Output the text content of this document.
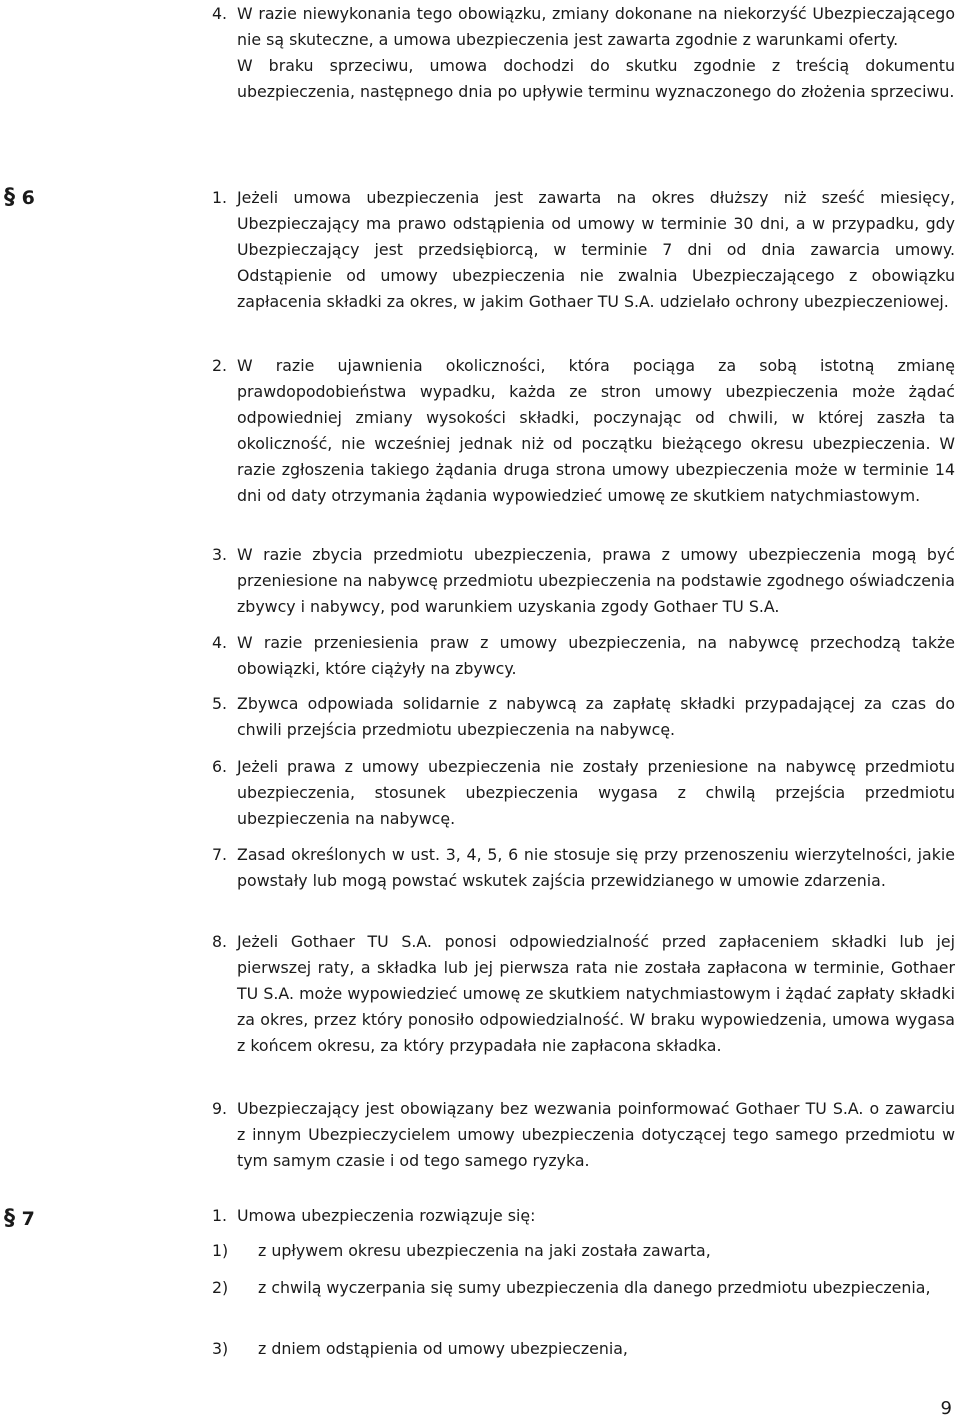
4. W razie niewykonania tego obowiązku, zmiany dokonane na niekorzyść Ubezpieczającego nie są skuteczne, a umowa ubezpieczenia jest zawarta zgodnie z warunkami oferty.

W braku sprzeciwu, umowa dochodzi do skutku zgodnie z treścią dokumentu ubezpieczenia, następnego dnia po upływie terminu wyznaczonego do złożenia sprzeciwu.

§ 6	1. Jeżeli umowa ubezpieczenia jest zawarta na okres dłuższy niż sześć miesięcy, Ubezpieczający ma prawo odstąpienia od umowy w terminie 30 dni, a w przypadku, gdy Ubezpieczający jest przedsiębiorcą, w terminie 7 dni od dnia zawarcia umowy. Odstąpienie od umowy ubezpieczenia nie zwalnia Ubezpieczającego z obowiązku zapłacenia składki za okres, w jakim Gothaer TU S.A. udzielało ochrony ubezpieczeniowej.
2. W razie ujawnienia okoliczności, która pociąga za sobą istotną zmianę prawdopodobieństwa wypadku, każda ze stron umowy ubezpieczenia może żądać odpowiedniej zmiany wysokości składki, poczynając od chwili, w której zaszła ta okoliczność, nie wcześniej jednak niż od początku bieżącego okresu ubezpieczenia. W razie zgłoszenia takiego żądania druga strona umowy ubezpieczenia może w terminie 14 dni od daty otrzymania żądania wypowiedzieć umowę ze skutkiem natychmiastowym.
3. W razie zbycia przedmiotu ubezpieczenia, prawa z umowy ubezpieczenia mogą być przeniesione na nabywcę przedmiotu ubezpieczenia na podstawie zgodnego oświadczenia zbywcy i nabywcy, pod warunkiem uzyskania zgody Gothaer TU S.A.
4. W razie przeniesienia praw z umowy ubezpieczenia, na nabywcę przechodzą także obowiązki, które ciążyły na zbywcy.
5. Zbywca odpowiada solidarnie z nabywcą za zapłatę składki przypadającej za czas do chwili przejścia przedmiotu ubezpieczenia na nabywcę.
6. Jeżeli prawa z umowy ubezpieczenia nie zostały przeniesione na nabywcę przedmiotu ubezpieczenia, stosunek ubezpieczenia wygasa z chwilą przejścia przedmiotu ubezpieczenia na nabywcę.
7. Zasad określonych w ust. 3, 4, 5, 6 nie stosuje się przy przenoszeniu wierzytelności, jakie powstały lub mogą powstać wskutek zajścia przewidzianego w umowie zdarzenia.
8. Jeżeli Gothaer TU S.A. ponosi odpowiedzialność przed zapłaceniem składki lub jej pierwszej raty, a składka lub jej pierwsza rata nie została zapłacona w terminie, Gothaer TU S.A. może wypowiedzieć umowę ze skutkiem natychmiastowym i żądać zapłaty składki za okres, przez który ponosiło odpowiedzialność. W braku wypowiedzenia, umowa wygasa z końcem okresu, za który przypadała nie zapłacona składka.
9. Ubezpieczający jest obowiązany bez wezwania poinformować Gothaer TU S.A. o zawarciu z innym Ubezpieczycielem umowy ubezpieczenia dotyczącej tego samego przedmiotu w tym samym czasie i od tego samego ryzyka.
§ 7	1. Umowa ubezpieczenia rozwiązuje się:
1)	z upływem okresu ubezpieczenia na jaki została zawarta,
2)	z chwilą wyczerpania się sumy ubezpieczenia dla danego przedmiotu ubezpieczenia,
3)	z dniem odstąpienia od umowy ubezpieczenia,
9
